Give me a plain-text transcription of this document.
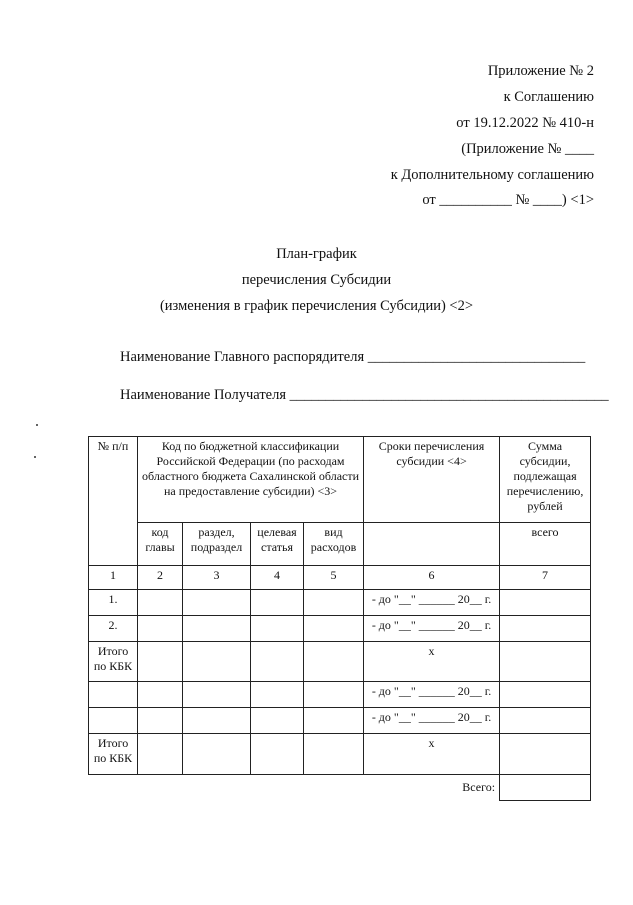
Приложение № 2
к Соглашению
от 19.12.2022 № 410-н
(Приложение № ____
к Дополнительному соглашению
от __________ № ____) <1>
План-график
перечисления Субсидии
(изменения в график перечисления Субсидии) <2>
Наименование Главного распорядителя ______________________________
Наименование Получателя ____________________________________________
№ п/п	Код по бюджетной классификации Российской Федерации (по расходам областного бюджета Сахалинской области на предоставление субсидии) <3>				Сроки перечисления субсидии <4>	Сумма субсидии, подлежащая перечислению, рублей
	код главы	раздел, подраздел	целевая статья	вид расходов		всего
1	2	3	4	5	6	7
1.					- до "__" ______ 20__ г.	
2.					- до "__" ______ 20__ г.	
Итого по КБК					x	
					- до "__" ______ 20__ г.	
					- до "__" ______ 20__ г.	
Итого по КБК					x	
Всего:						
